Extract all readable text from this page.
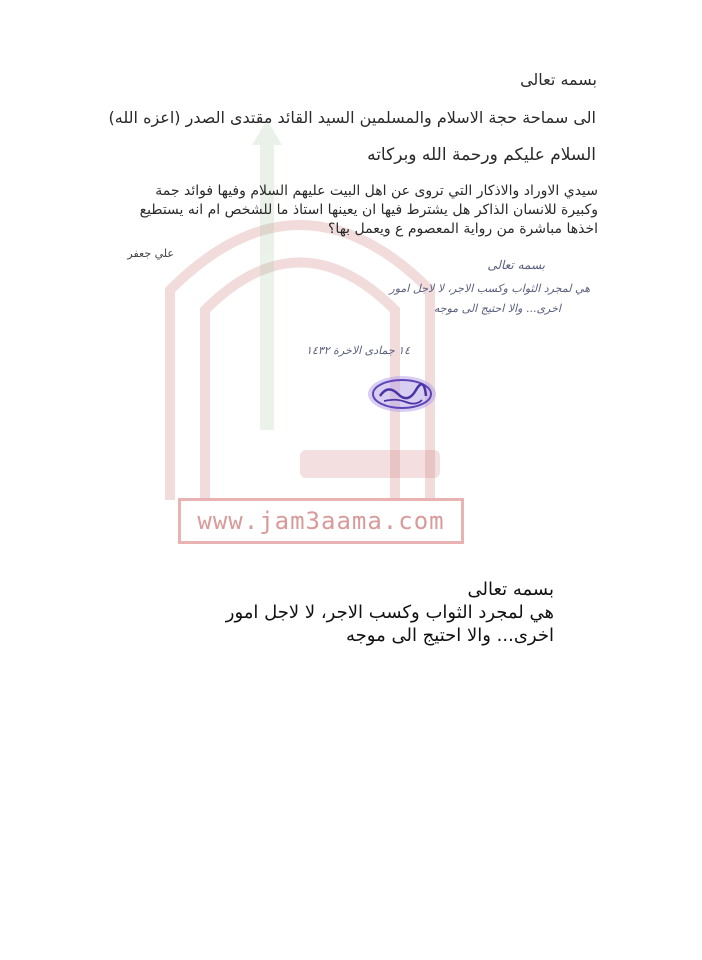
www.jam3aama.com
بسمه تعالى
الى سماحة حجة الاسلام والمسلمين السيد القائد مقتدى الصدر (اعزه الله)
السلام عليكم ورحمة الله وبركاته
سيدي الاوراد والاذكار التي تروى عن اهل البيت عليهم السلام وفيها فوائد جمة
وكبيرة للانسان الذاكر هل يشترط فيها ان يعينها استاذ ما للشخص ام انه يستطيع
اخذها مباشرة من رواية المعصوم ع ويعمل بها؟
علي جعفر
بسمه تعالى
هي لمجرد الثواب وكسب الاجر، لا لاجل امور
اخرى... والا احتيج الى موجه
١٤ جمادى الاخرة ١٤٣٢
بسمه تعالى
هي لمجرد الثواب وكسب الاجر، لا لاجل امور
اخرى... والا احتيج الى موجه
